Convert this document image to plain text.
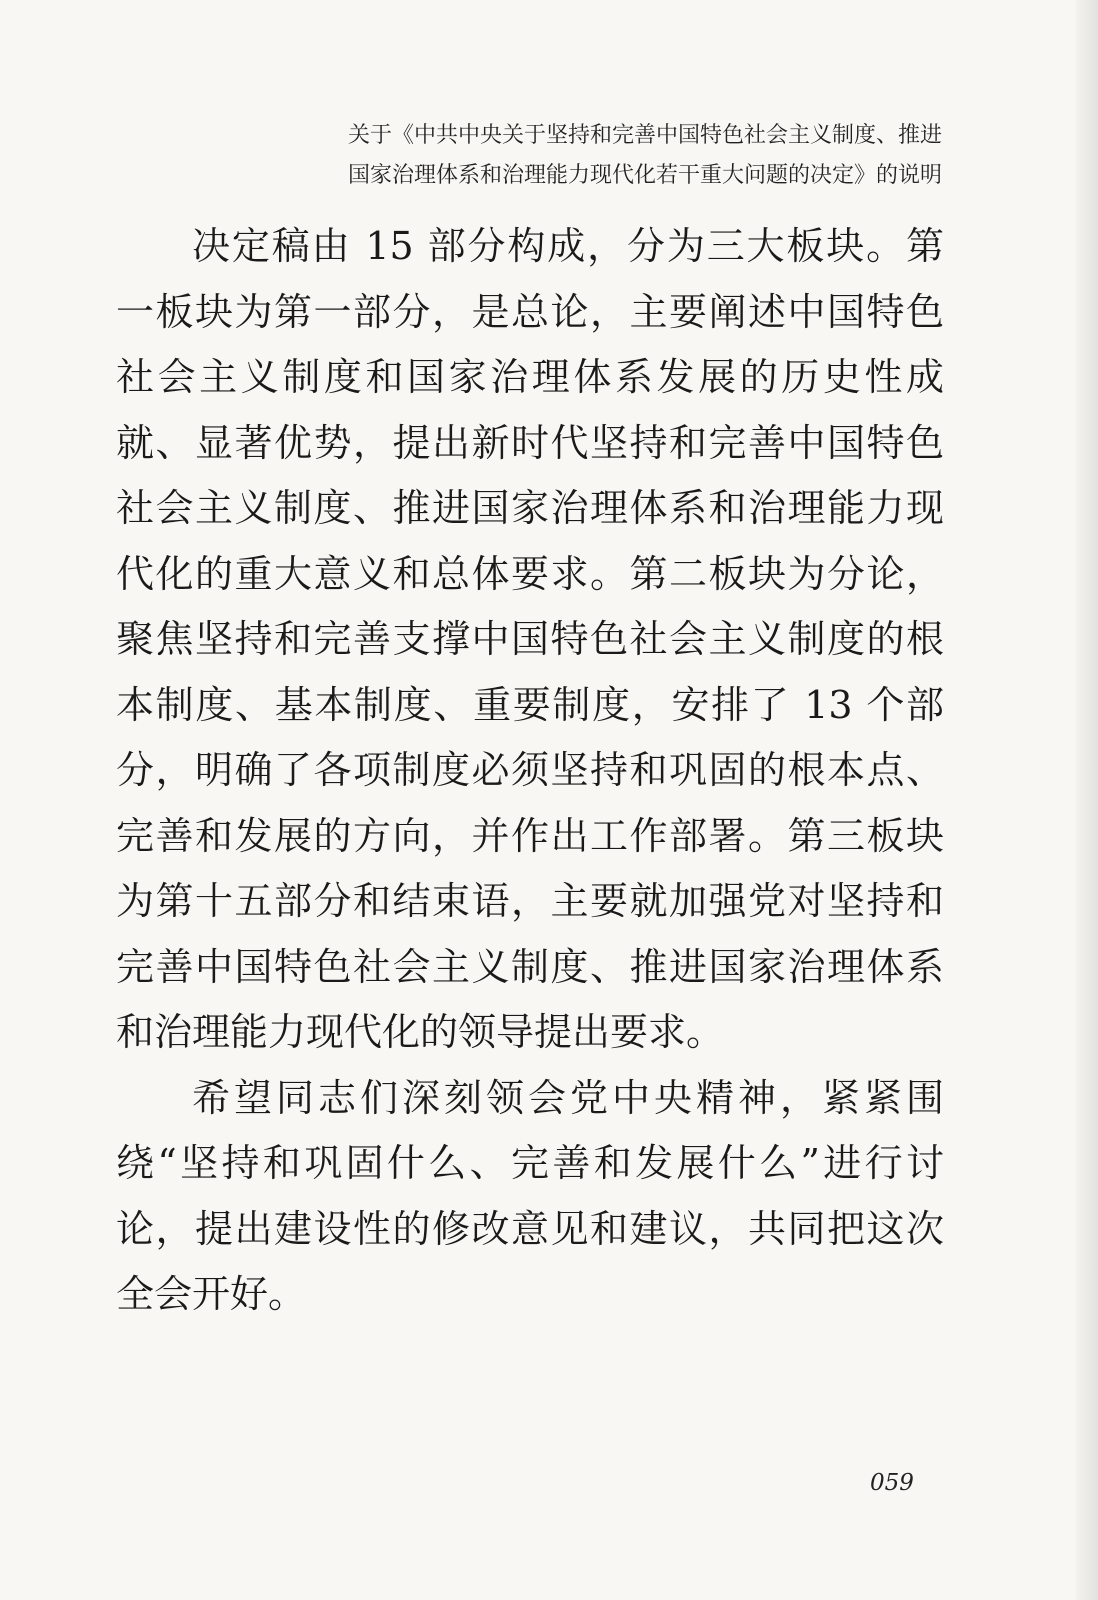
关于《中共中央关于坚持和完善中国特色社会主义制度、推进
国家治理体系和治理能力现代化若干重大问题的决定》的说明

决定稿由 15 部分构成，分为三大板块。第一板块为第一部分，是总论，主要阐述中国特色社会主义制度和国家治理体系发展的历史性成就、显著优势，提出新时代坚持和完善中国特色社会主义制度、推进国家治理体系和治理能力现代化的重大意义和总体要求。第二板块为分论，聚焦坚持和完善支撑中国特色社会主义制度的根本制度、基本制度、重要制度，安排了 13 个部分，明确了各项制度必须坚持和巩固的根本点、完善和发展的方向，并作出工作部署。第三板块为第十五部分和结束语，主要就加强党对坚持和完善中国特色社会主义制度、推进国家治理体系和治理能力现代化的领导提出要求。

希望同志们深刻领会党中央精神，紧紧围绕“坚持和巩固什么、完善和发展什么”进行讨论，提出建设性的修改意见和建议，共同把这次全会开好。

059
